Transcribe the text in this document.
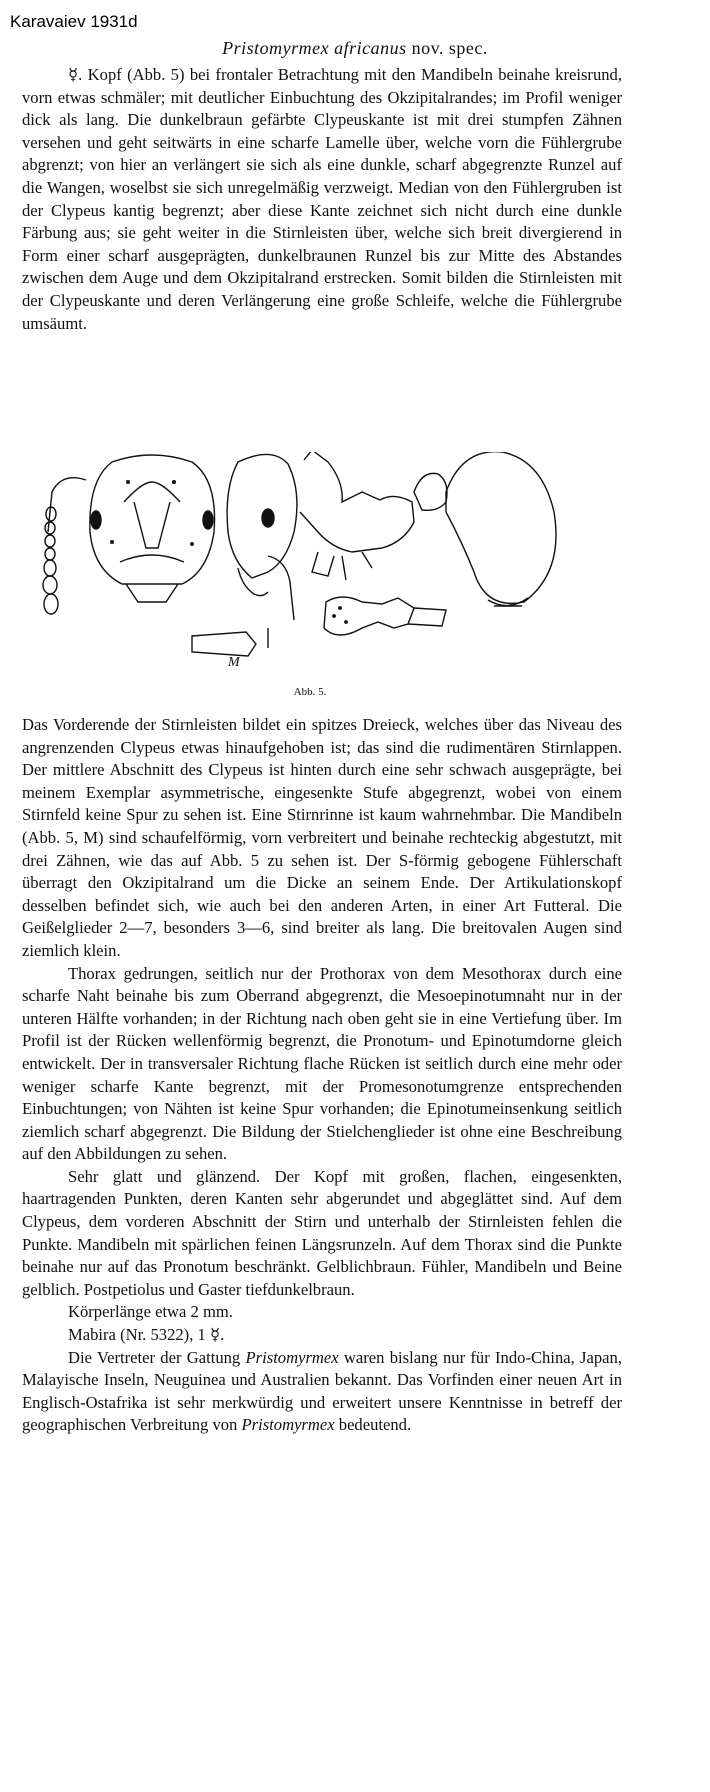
Karavaiev 1931d
Pristomyrmex africanus nov. spec.

☿. Kopf (Abb. 5) bei frontaler Betrachtung mit den Mandibeln beinahe kreisrund, vorn etwas schmäler; mit deutlicher Einbuchtung des Okzipitalrandes; im Profil weniger dick als lang. Die dunkelbraun gefärbte Clypeuskante ist mit drei stumpfen Zähnen versehen und geht seitwärts in eine scharfe Lamelle über, welche vorn die Fühlergrube abgrenzt; von hier an verlängert sie sich als eine dunkle, scharf abgegrenzte Runzel auf die Wangen, woselbst sie sich unregelmäßig verzweigt. Median von den Fühlergruben ist der Clypeus kantig begrenzt; aber diese Kante zeichnet sich nicht durch eine dunkle Färbung aus; sie geht weiter in die Stirnleisten über, welche sich breit divergierend in Form einer scharf ausgeprägten, dunkelbraunen Runzel bis zur Mitte des Abstandes zwischen dem Auge und dem Okzipitalrand erstrecken. Somit bilden die Stirnleisten mit der Clypeuskante und deren Verlängerung eine große Schleife, welche die Fühlergrube umsäumt.

M
Abb. 5.

Das Vorderende der Stirnleisten bildet ein spitzes Dreieck, welches über das Niveau des angrenzenden Clypeus etwas hinaufgehoben ist; das sind die rudimentären Stirnlappen. Der mittlere Abschnitt des Clypeus ist hinten durch eine sehr schwach ausgeprägte, bei meinem Exemplar asymmetrische, eingesenkte Stufe abgegrenzt, wobei von einem Stirnfeld keine Spur zu sehen ist. Eine Stirnrinne ist kaum wahrnehmbar. Die Mandibeln (Abb. 5, M) sind schaufelförmig, vorn verbreitert und beinahe rechteckig abgestutzt, mit drei Zähnen, wie das auf Abb. 5 zu sehen ist. Der S-förmig gebogene Fühlerschaft überragt den Okzipitalrand um die Dicke an seinem Ende. Der Artikulationskopf desselben befindet sich, wie auch bei den anderen Arten, in einer Art Futteral. Die Geißelglieder 2—7, besonders 3—6, sind breiter als lang. Die breitovalen Augen sind ziemlich klein.

Thorax gedrungen, seitlich nur der Prothorax von dem Mesothorax durch eine scharfe Naht beinahe bis zum Oberrand abgegrenzt, die Mesoepinotumnaht nur in der unteren Hälfte vorhanden; in der Richtung nach oben geht sie in eine Vertiefung über. Im Profil ist der Rücken wellenförmig begrenzt, die Pronotum- und Epinotumdorne gleich entwickelt. Der in transversaler Richtung flache Rücken ist seitlich durch eine mehr oder weniger scharfe Kante begrenzt, mit der Promesonotumgrenze entsprechenden Einbuchtungen; von Nähten ist keine Spur vorhanden; die Epinotumeinsenkung seitlich ziemlich scharf abgegrenzt. Die Bildung der Stielchenglieder ist ohne eine Beschreibung auf den Abbildungen zu sehen.

Sehr glatt und glänzend. Der Kopf mit großen, flachen, eingesenkten, haartragenden Punkten, deren Kanten sehr abgerundet und abgeglättet sind. Auf dem Clypeus, dem vorderen Abschnitt der Stirn und unterhalb der Stirnleisten fehlen die Punkte. Mandibeln mit spärlichen feinen Längsrunzeln. Auf dem Thorax sind die Punkte beinahe nur auf das Pronotum beschränkt. Gelblichbraun. Fühler, Mandibeln und Beine gelblich. Postpetiolus und Gaster tiefdunkelbraun.

Körperlänge etwa 2 mm.

Mabira (Nr. 5322), 1 ☿.

Die Vertreter der Gattung Pristomyrmex waren bislang nur für Indo-China, Japan, Malayische Inseln, Neuguinea und Australien bekannt. Das Vorfinden einer neuen Art in Englisch-Ostafrika ist sehr merkwürdig und erweitert unsere Kenntnisse in betreff der geographischen Verbreitung von Pristomyrmex bedeutend.
